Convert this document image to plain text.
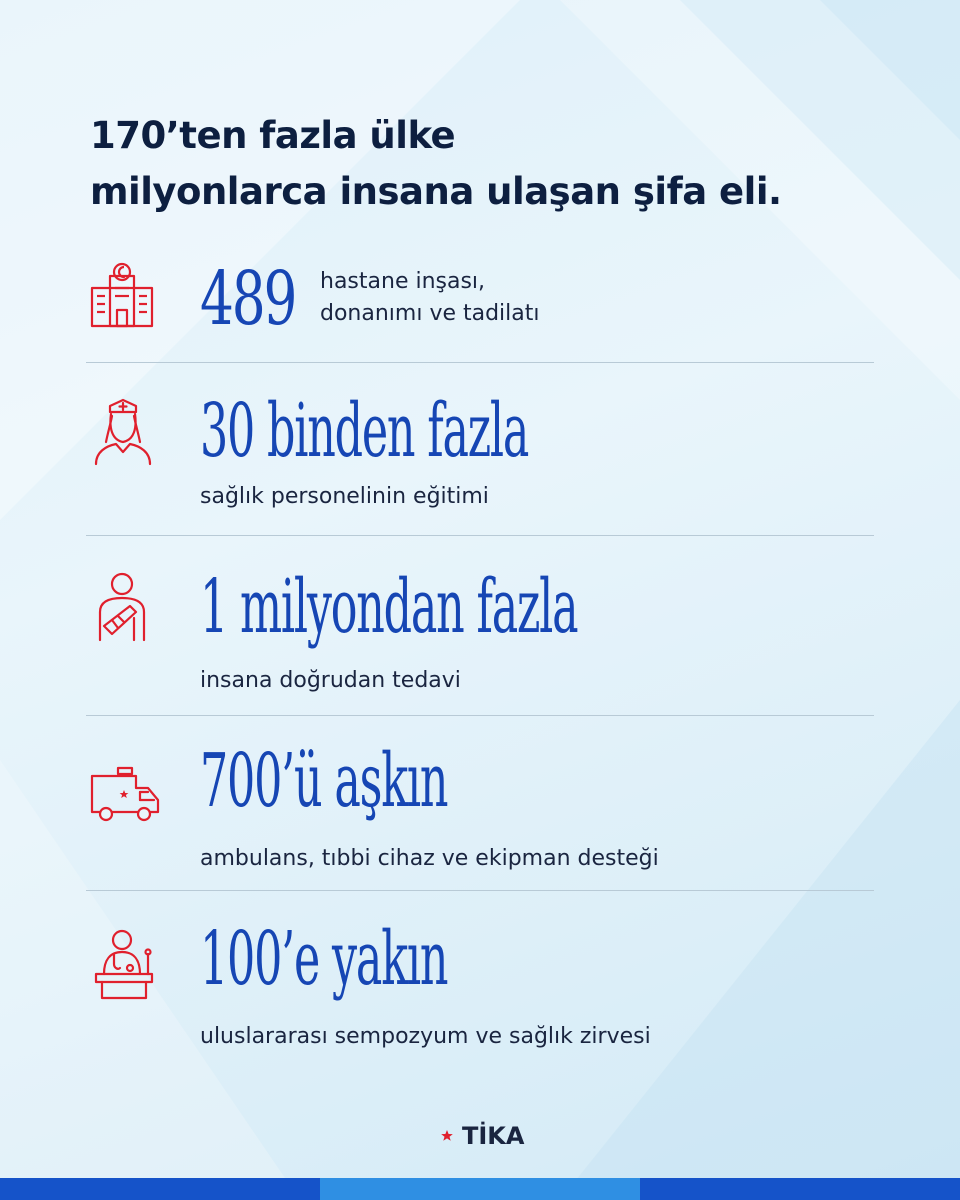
170’ten fazla ülke
milyonlarca insana ulaşan şifa eli.
489 hastane inşası,
donanımı ve tadilatı
30 binden fazla
sağlık personelinin eğitimi
1 milyondan fazla
insana doğrudan tedavi
700’ü aşkın
ambulans, tıbbi cihaz ve ekipman desteği
100’e yakın
uluslararası sempozyum ve sağlık zirvesi
TİKA
